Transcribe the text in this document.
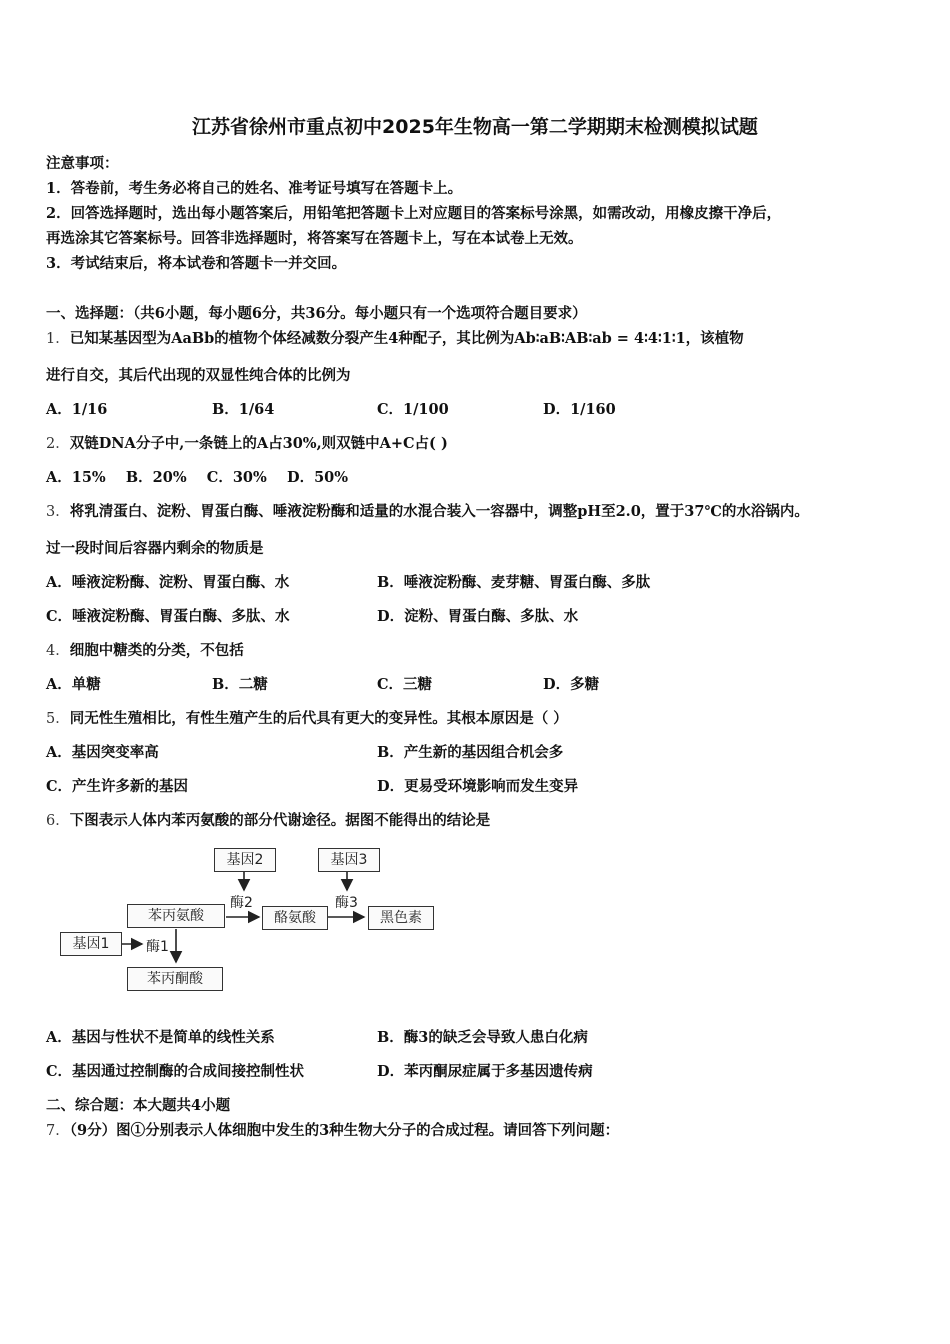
江苏省徐州市重点初中2025年生物高一第二学期期末检测模拟试题
注意事项：
1．答卷前，考生务必将自己的姓名、准考证号填写在答题卡上。
2．回答选择题时，选出每小题答案后，用铅笔把答题卡上对应题目的答案标号涂黑，如需改动，用橡皮擦干净后，
再选涂其它答案标号。回答非选择题时，将答案写在答题卡上，写在本试卷上无效。
3．考试结束后，将本试卷和答题卡一并交回。
一、选择题：（共6小题，每小题6分，共36分。每小题只有一个选项符合题目要求）
1．已知某基因型为AaBb的植物个体经减数分裂产生4种配子，其比例为Ab∶aB∶AB∶ab = 4∶4∶1∶1，该植物
进行自交，其后代出现的双显性纯合体的比例为
A．1/16	B．1/64	C．1/100	D．1/160
2．双链DNA分子中,一条链上的A占30%,则双链中A+C占( )
A．15%    B．20%    C．30%    D．50%
3．将乳清蛋白、淀粉、胃蛋白酶、唾液淀粉酶和适量的水混合装入一容器中，调整pH至2.0，置于37℃的水浴锅内。
过一段时间后容器内剩余的物质是
A．唾液淀粉酶、淀粉、胃蛋白酶、水	B．唾液淀粉酶、麦芽糖、胃蛋白酶、多肽
C．唾液淀粉酶、胃蛋白酶、多肽、水	D．淀粉、胃蛋白酶、多肽、水
4．细胞中糖类的分类，不包括
A．单糖	B．二糖	C．三糖	D．多糖
5．同无性生殖相比，有性生殖产生的后代具有更大的变异性。其根本原因是（ ）
A．基因突变率高	B．产生新的基因组合机会多
C．产生许多新的基因	D．更易受环境影响而发生变异
6．下图表示人体内苯丙氨酸的部分代谢途径。据图不能得出的结论是
基因2	基因3
酶2	酶3
苯丙氨酸	酪氨酸	黑色素
基因1	酶1
苯丙酮酸
A．基因与性状不是简单的线性关系	B．酶3的缺乏会导致人患白化病
C．基因通过控制酶的合成间接控制性状	D．苯丙酮尿症属于多基因遗传病
二、综合题：本大题共4小题
7．（9分）图①分别表示人体细胞中发生的3种生物大分子的合成过程。请回答下列问题：
